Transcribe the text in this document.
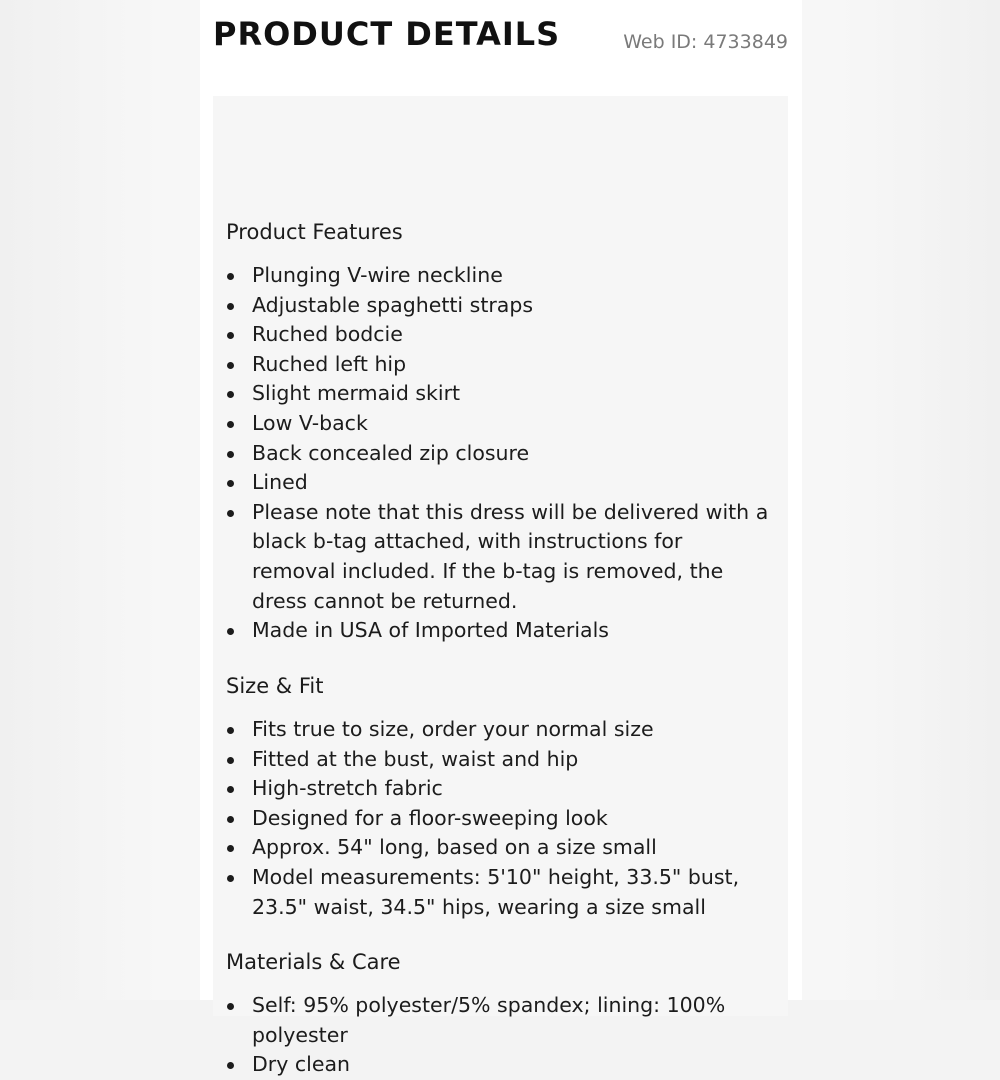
PRODUCT DETAILS	Web ID: 4733849
Product Features
Plunging V-wire neckline
Adjustable spaghetti straps
Ruched bodcie
Ruched left hip
Slight mermaid skirt
Low V-back
Back concealed zip closure
Lined
Please note that this dress will be delivered with a black b-tag attached, with instructions for removal included. If the b-tag is removed, the dress cannot be returned.
Made in USA of Imported Materials
Size & Fit
Fits true to size, order your normal size
Fitted at the bust, waist and hip
High-stretch fabric
Designed for a floor-sweeping look
Approx. 54" long, based on a size small
Model measurements: 5'10" height, 33.5" bust, 23.5" waist, 34.5" hips, wearing a size small
Materials & Care
Self: 95% polyester/5% spandex; lining: 100% polyester
Dry clean
